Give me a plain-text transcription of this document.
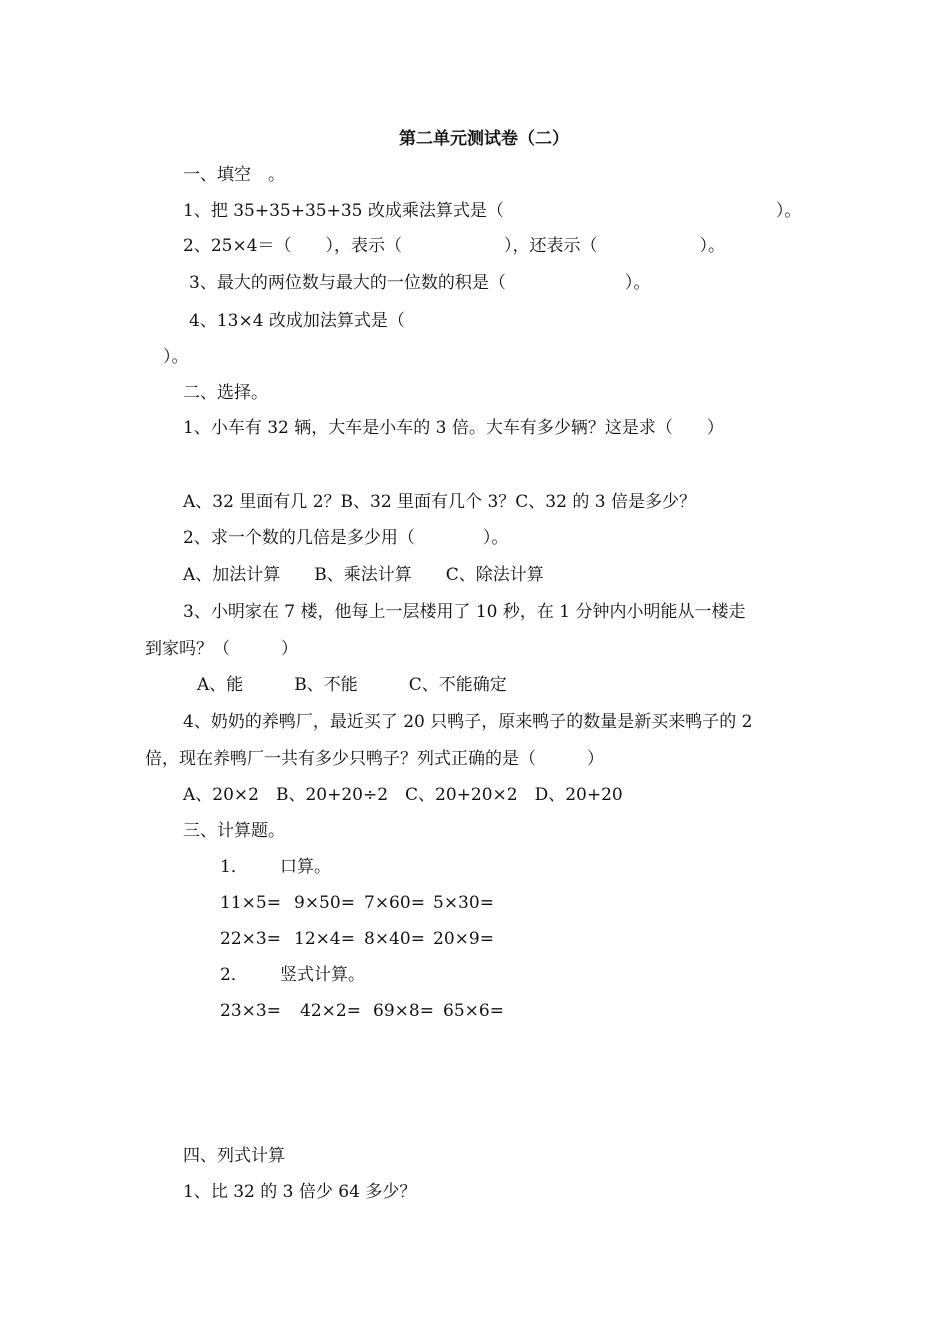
第二单元测试卷（二）
一、填空　。
1、把 35+35+35+35 改成乘法算式是（　　　　　　　　　　　　　　　　）。
2、25×4＝（　　），表示（　　　　　　），还表示（　　　　　　）。
3、最大的两位数与最大的一位数的积是（　　　　　　　）。
4、13×4 改成加法算式是（
）。
二、选择。
1、小车有 32 辆，大车是小车的 3 倍。大车有多少辆？这是求（　　）
A、32 里面有几 2？B、32 里面有几个 3？C、32 的 3 倍是多少？
2、求一个数的几倍是多少用（　　　　）。
A、加法计算　　B、乘法计算　　C、除法计算
3、小明家在 7 楼，他每上一层楼用了 10 秒，在 1 分钟内小明能从一楼走
到家吗？（　　　）
A、能　　　B、不能　　　C、不能确定
4、奶奶的养鸭厂，最近买了 20 只鸭子，原来鸭子的数量是新买来鸭子的 2
倍，现在养鸭厂一共有多少只鸭子？列式正确的是（　　　）
A、20×2　B、20+20÷2　C、20+20×2　D、20+20
三、计算题。
1． 口算。
11×5= 9×50= 7×60= 5×30=
22×3= 12×4= 8×40= 20×9=
2． 竖式计算。
23×3= 42×2= 69×8= 65×6=
四、列式计算
1、比 32 的 3 倍少 64 多少？
